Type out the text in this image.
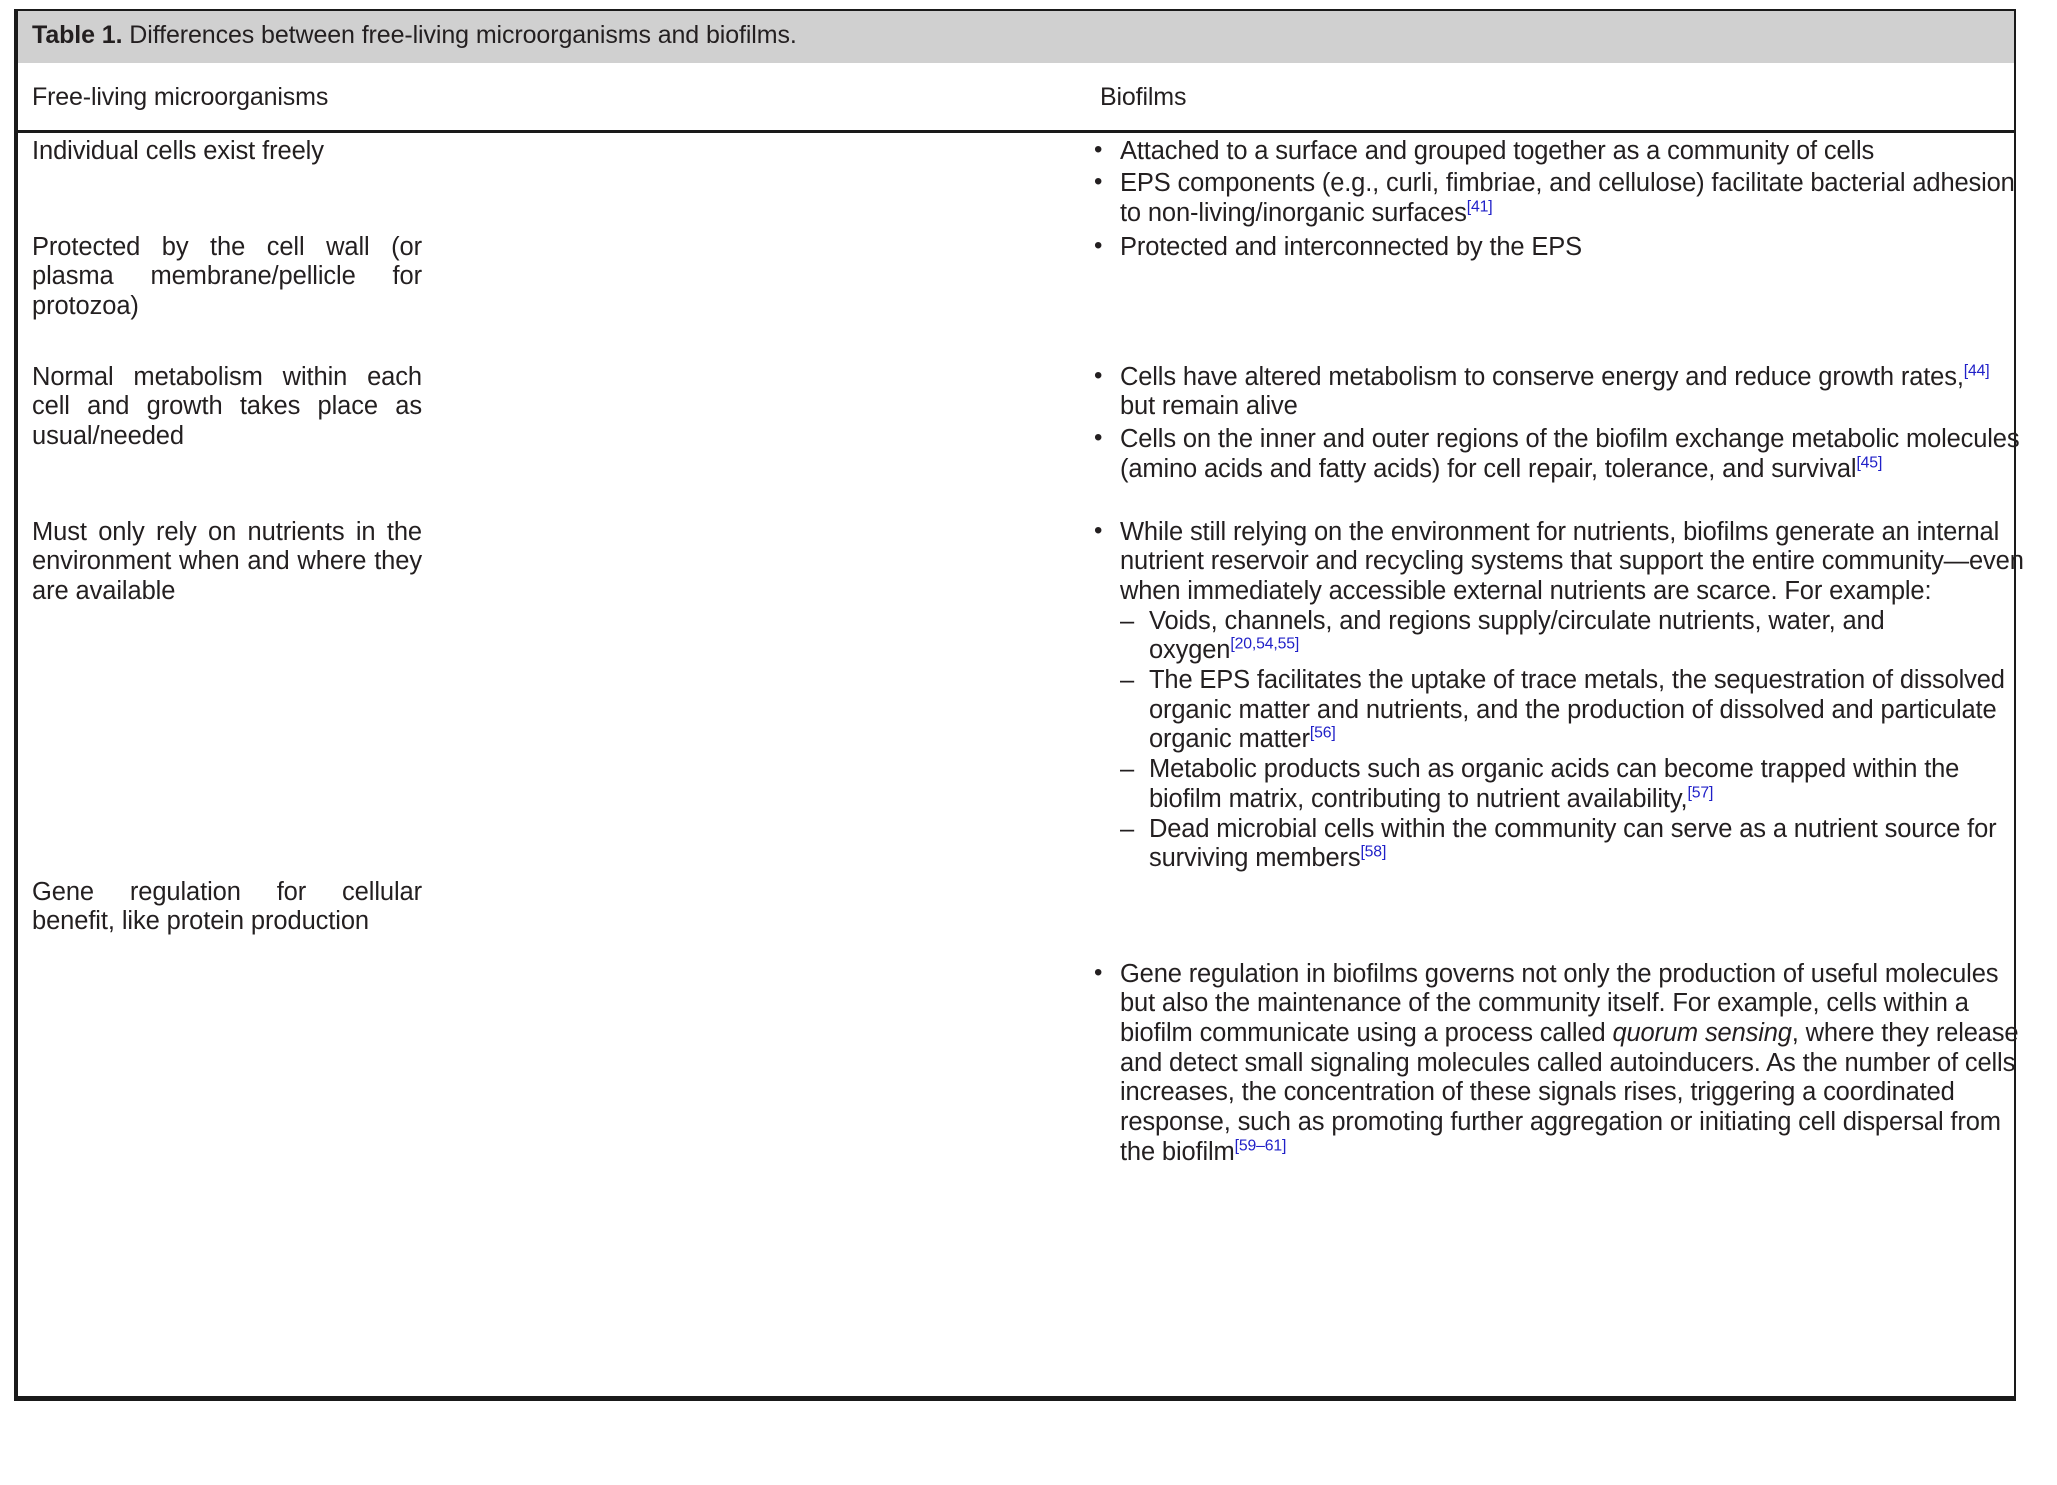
Table 1. Differences between free-living microorganisms and biofilms.
Free-living microorganisms	Biofilms
Individual cells exist freely	• Attached to a surface and grouped together as a community of cells
• EPS components (e.g., curli, fimbriae, and cellulose) facilitate bacterial adhesion to non-living/inorganic surfaces[41]
Protected by the cell wall (or plasma membrane/pellicle for protozoa)
• Protected and interconnected by the EPS
Normal metabolism within each cell and growth takes place as usual/needed
• Cells have altered metabolism to conserve energy and reduce growth rates,[44] but remain alive
• Cells on the inner and outer regions of the biofilm exchange metabolic molecules (amino acids and fatty acids) for cell repair, tolerance, and survival[45]
Must only rely on nutrients in the environment when and where they are available
• While still relying on the environment for nutrients, biofilms generate an internal nutrient reservoir and recycling systems that support the entire community—even when immediately accessible external nutrients are scarce. For example:
– Voids, channels, and regions supply/circulate nutrients, water, and oxygen[20,54,55]
– The EPS facilitates the uptake of trace metals, the sequestration of dissolved organic matter and nutrients, and the production of dissolved and particulate organic matter[56]
– Metabolic products such as organic acids can become trapped within the biofilm matrix, contributing to nutrient availability,[57]
– Dead microbial cells within the community can serve as a nutrient source for surviving members[58]
Gene regulation for cellular benefit, like protein production
• Gene regulation in biofilms governs not only the production of useful molecules but also the maintenance of the community itself. For example, cells within a biofilm communicate using a process called quorum sensing, where they release and detect small signaling molecules called autoinducers. As the number of cells increases, the concentration of these signals rises, triggering a coordinated response, such as promoting further aggregation or initiating cell dispersal from the biofilm[59–61]
